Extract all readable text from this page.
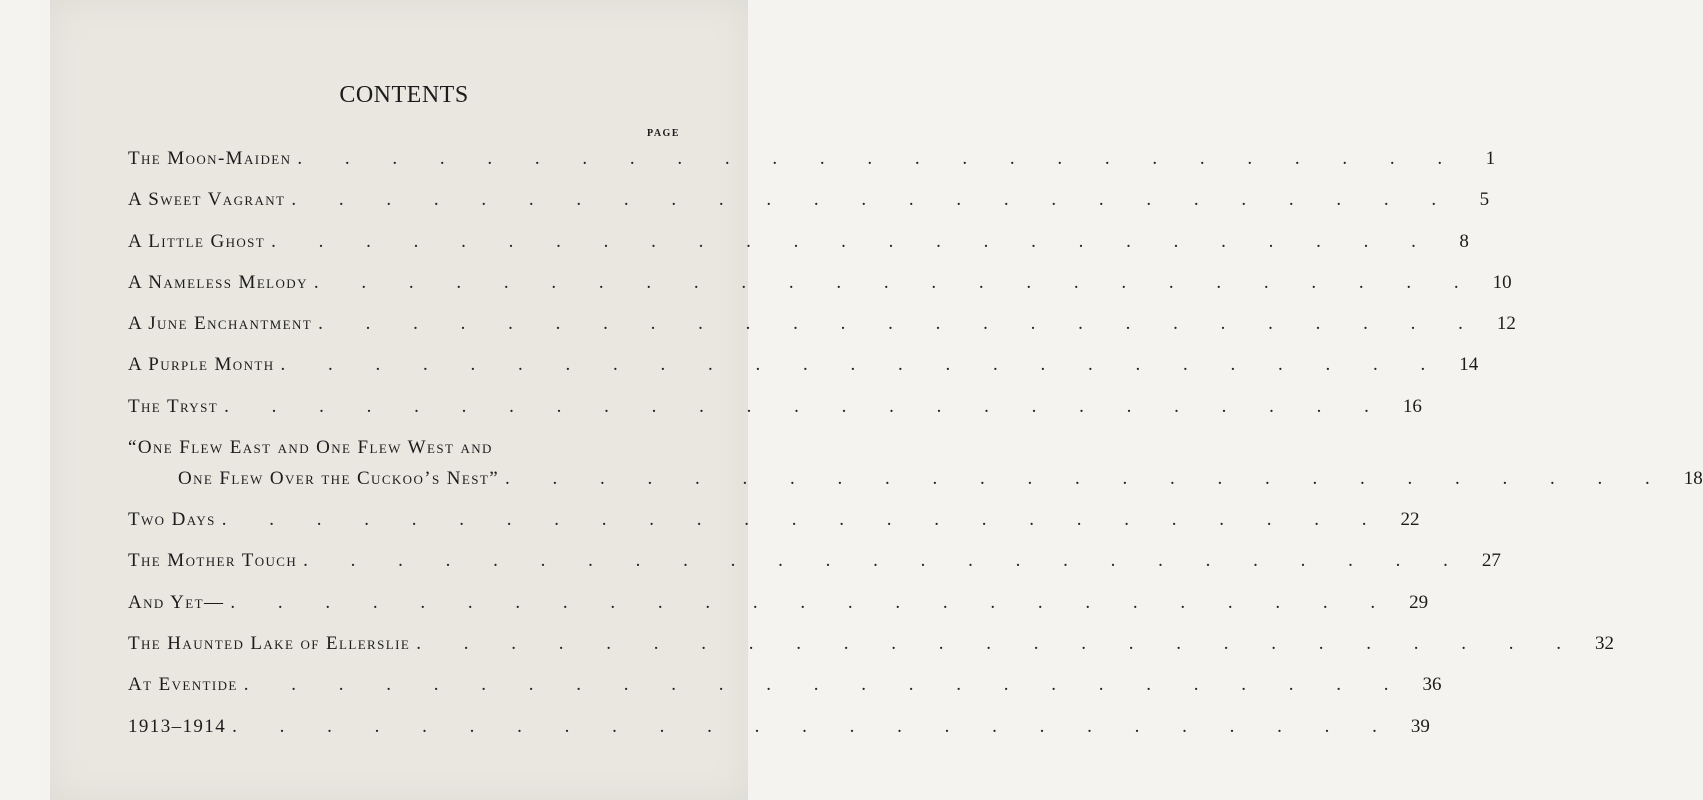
CONTENTS
page
The Moon-Maiden . . . . . . . . . . . . . . . . . . . . . . . . .	1
A Sweet Vagrant . . . . . . . . . . . . . . . . . . . . . . . . .	5
A Little Ghost . . . . . . . . . . . . . . . . . . . . . . . . .	8
A Nameless Melody . . . . . . . . . . . . . . . . . . . . . . . . . 10
A June Enchantment . . . . . . . . . . . . . . . . . . . . . . . . . 12
A Purple Month . . . . . . . . . . . . . . . . . . . . . . . . . 14
The Tryst . . . . . . . . . . . . . . . . . . . . . . . . . 16
“One Flew East and One Flew West and
One Flew Over the Cuckoo’s Nest” . . . . . . . . . . . . . . . . . . . . . . . . . 18
Two Days . . . . . . . . . . . . . . . . . . . . . . . . . 22
The Mother Touch . . . . . . . . . . . . . . . . . . . . . . . . . 27
And Yet— . . . . . . . . . . . . . . . . . . . . . . . . . 29
The Haunted Lake of Ellerslie . . . . . . . . . . . . . . . . . . . . . . . . . 32
At Eventide . . . . . . . . . . . . . . . . . . . . . . . . . 36
1913–1914 . . . . . . . . . . . . . . . . . . . . . . . . . 39
